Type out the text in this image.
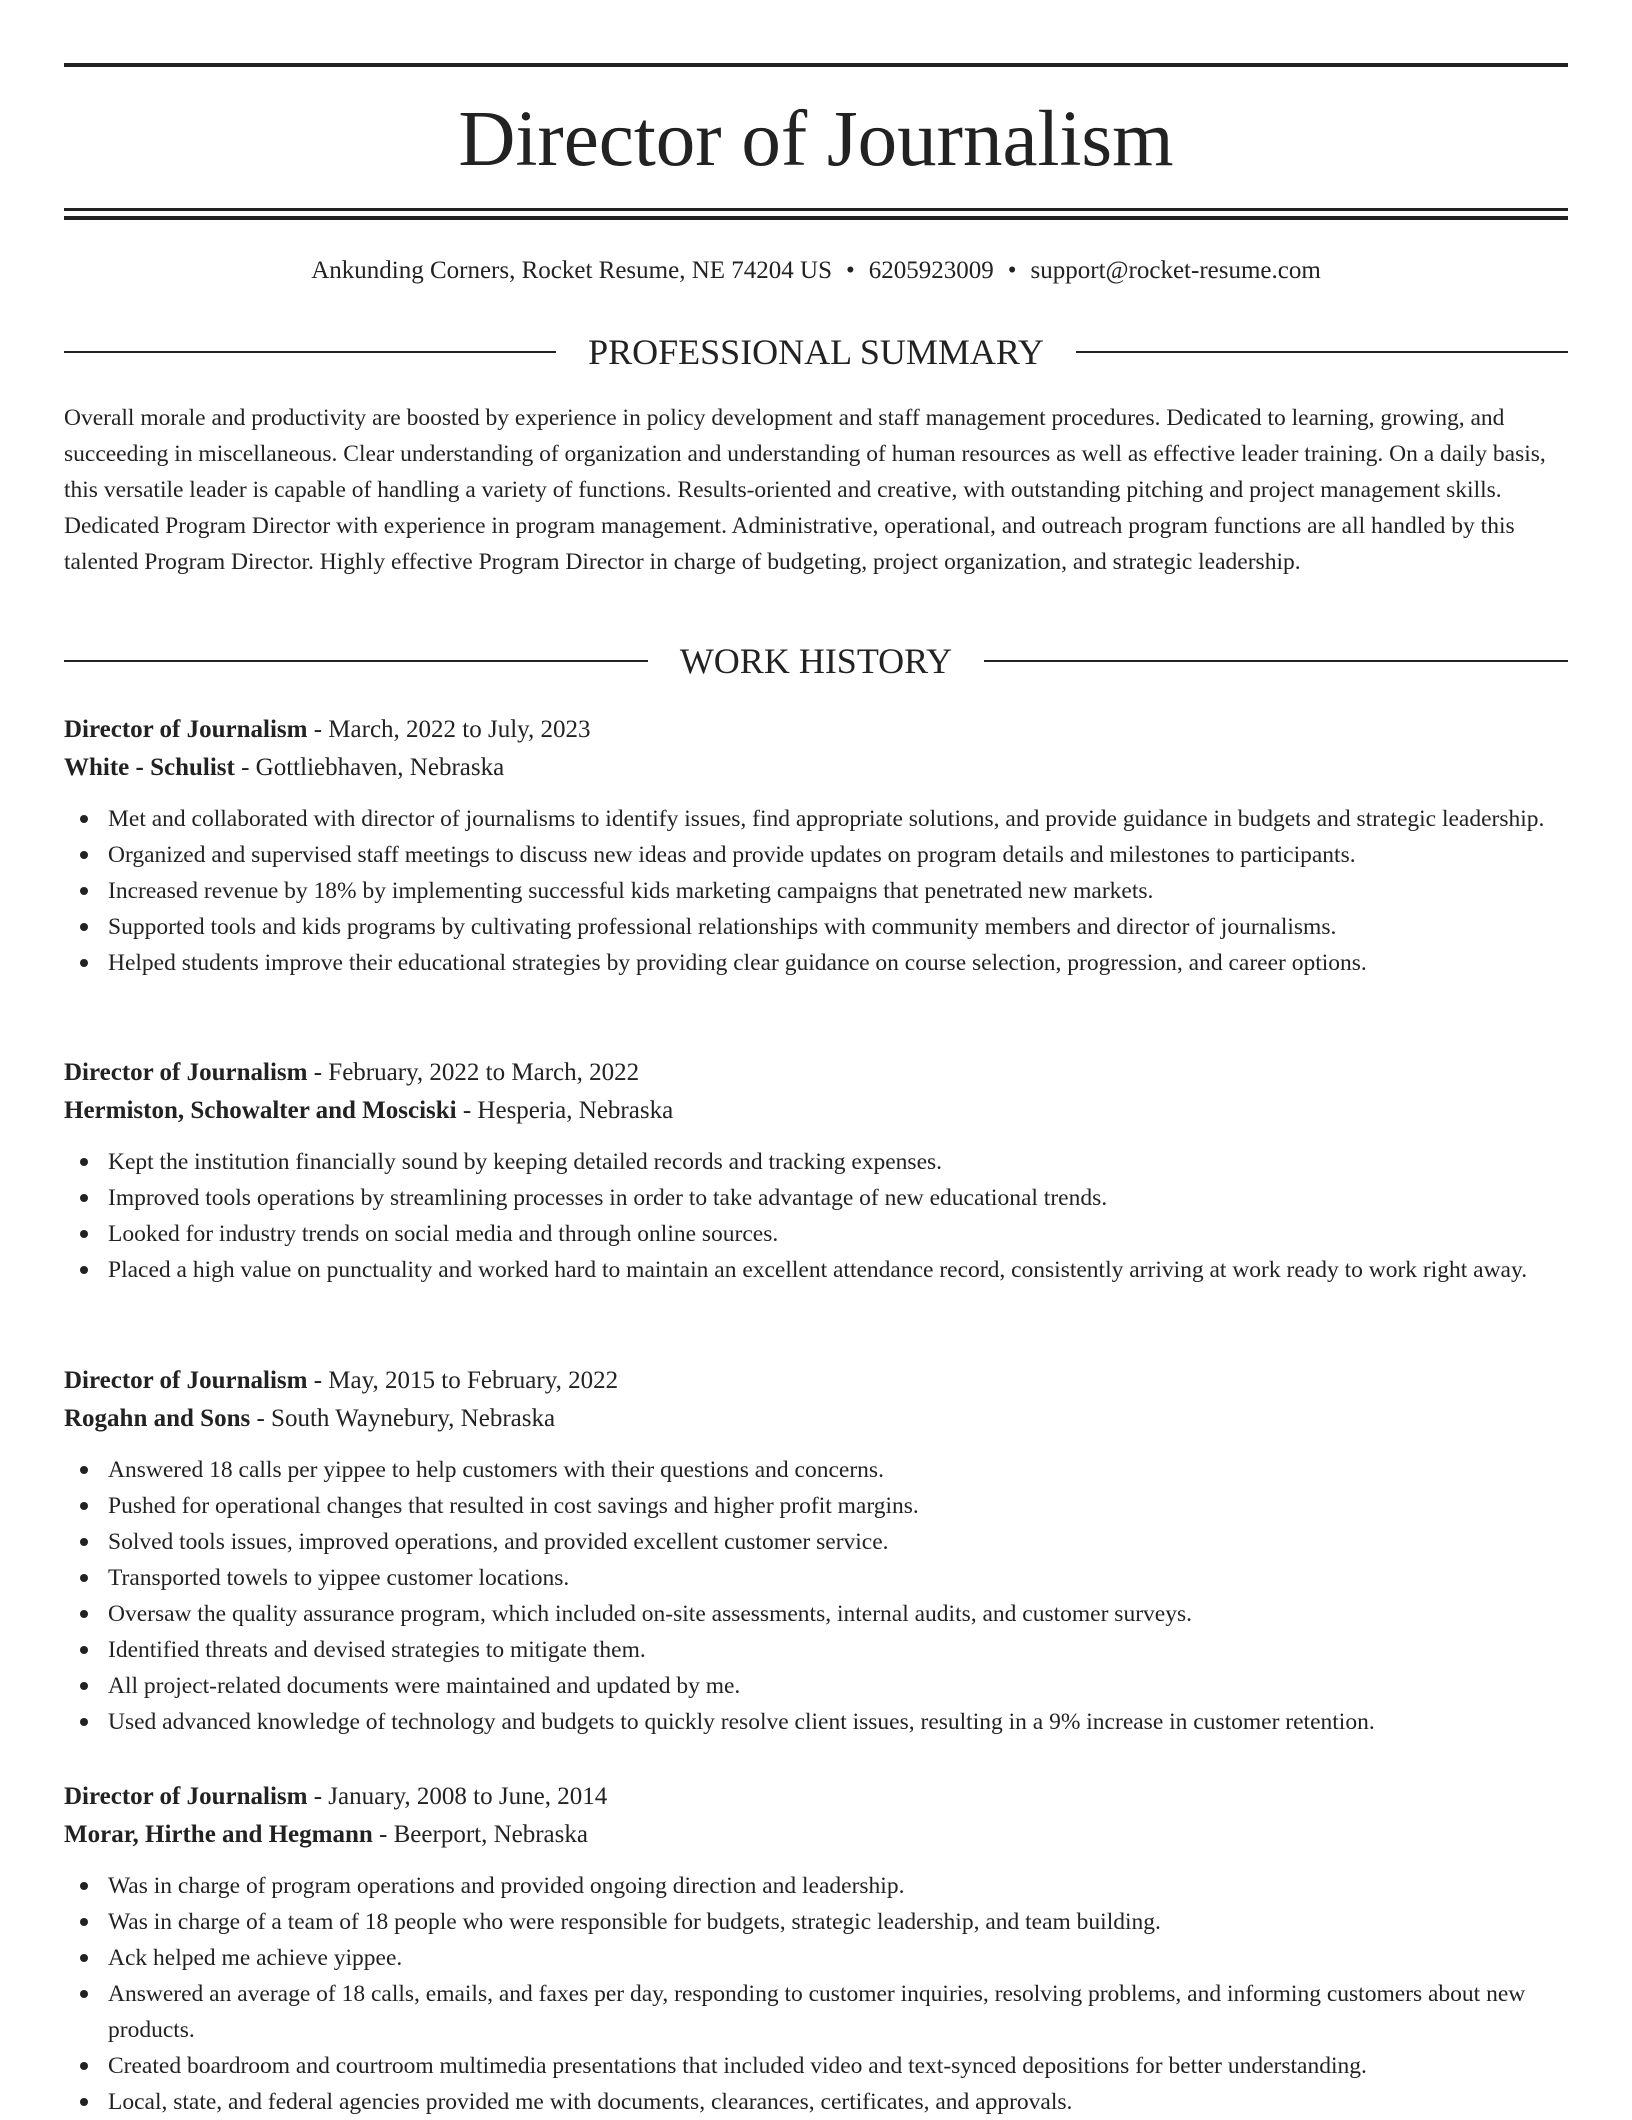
Director of Journalism
Ankunding Corners, Rocket Resume, NE 74204 US • 6205923009 • support@rocket-resume.com
PROFESSIONAL SUMMARY

Overall morale and productivity are boosted by experience in policy development and staff management procedures. Dedicated to learning, growing, and succeeding in miscellaneous. Clear understanding of organization and understanding of human resources as well as effective leader training. On a daily basis, this versatile leader is capable of handling a variety of functions. Results-oriented and creative, with outstanding pitching and project management skills. Dedicated Program Director with experience in program management. Administrative, operational, and outreach program functions are all handled by this talented Program Director. Highly effective Program Director in charge of budgeting, project organization, and strategic leadership.

WORK HISTORY
Director of Journalism - March, 2022 to July, 2023
White - Schulist - Gottliebhaven, Nebraska
Met and collaborated with director of journalisms to identify issues, find appropriate solutions, and provide guidance in budgets and strategic leadership.
Organized and supervised staff meetings to discuss new ideas and provide updates on program details and milestones to participants.
Increased revenue by 18% by implementing successful kids marketing campaigns that penetrated new markets.
Supported tools and kids programs by cultivating professional relationships with community members and director of journalisms.
Helped students improve their educational strategies by providing clear guidance on course selection, progression, and career options.
Director of Journalism - February, 2022 to March, 2022
Hermiston, Schowalter and Mosciski - Hesperia, Nebraska
Kept the institution financially sound by keeping detailed records and tracking expenses.
Improved tools operations by streamlining processes in order to take advantage of new educational trends.
Looked for industry trends on social media and through online sources.
Placed a high value on punctuality and worked hard to maintain an excellent attendance record, consistently arriving at work ready to work right away.
Director of Journalism - May, 2015 to February, 2022
Rogahn and Sons - South Waynebury, Nebraska
Answered 18 calls per yippee to help customers with their questions and concerns.
Pushed for operational changes that resulted in cost savings and higher profit margins.
Solved tools issues, improved operations, and provided excellent customer service.
Transported towels to yippee customer locations.
Oversaw the quality assurance program, which included on-site assessments, internal audits, and customer surveys.
Identified threats and devised strategies to mitigate them.
All project-related documents were maintained and updated by me.
Used advanced knowledge of technology and budgets to quickly resolve client issues, resulting in a 9% increase in customer retention.
Director of Journalism - January, 2008 to June, 2014
Morar, Hirthe and Hegmann - Beerport, Nebraska
Was in charge of program operations and provided ongoing direction and leadership.
Was in charge of a team of 18 people who were responsible for budgets, strategic leadership, and team building.
Ack helped me achieve yippee.
Answered an average of 18 calls, emails, and faxes per day, responding to customer inquiries, resolving problems, and informing customers about new products.
Created boardroom and courtroom multimedia presentations that included video and text-synced depositions for better understanding.
Local, state, and federal agencies provided me with documents, clearances, certificates, and approvals.
